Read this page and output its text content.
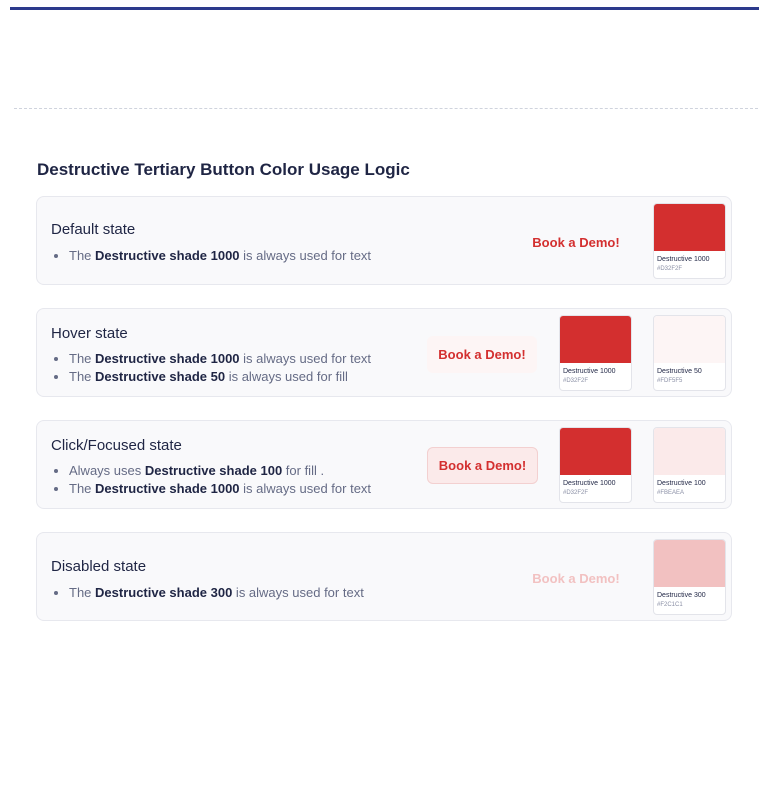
Destructive Tertiary Button Color Usage Logic
Default state
• The Destructive shade 1000 is always used for text
Book a Demo!
Destructive 1000
#D32F2F
Hover state
• The Destructive shade 1000 is always used for text
• The Destructive shade 50 is always used for fill
Book a Demo!
Destructive 1000
#D32F2F
Destructive 50
#FDF5F5
Click/Focused state
• Always uses Destructive shade 100 for fill .
• The Destructive shade 1000 is always used for text
Book a Demo!
Destructive 1000
#D32F2F
Destructive 100
#FBEAEA
Disabled state
• The Destructive shade 300 is always used for text
Book a Demo!
Destructive 300
#F2C1C1
